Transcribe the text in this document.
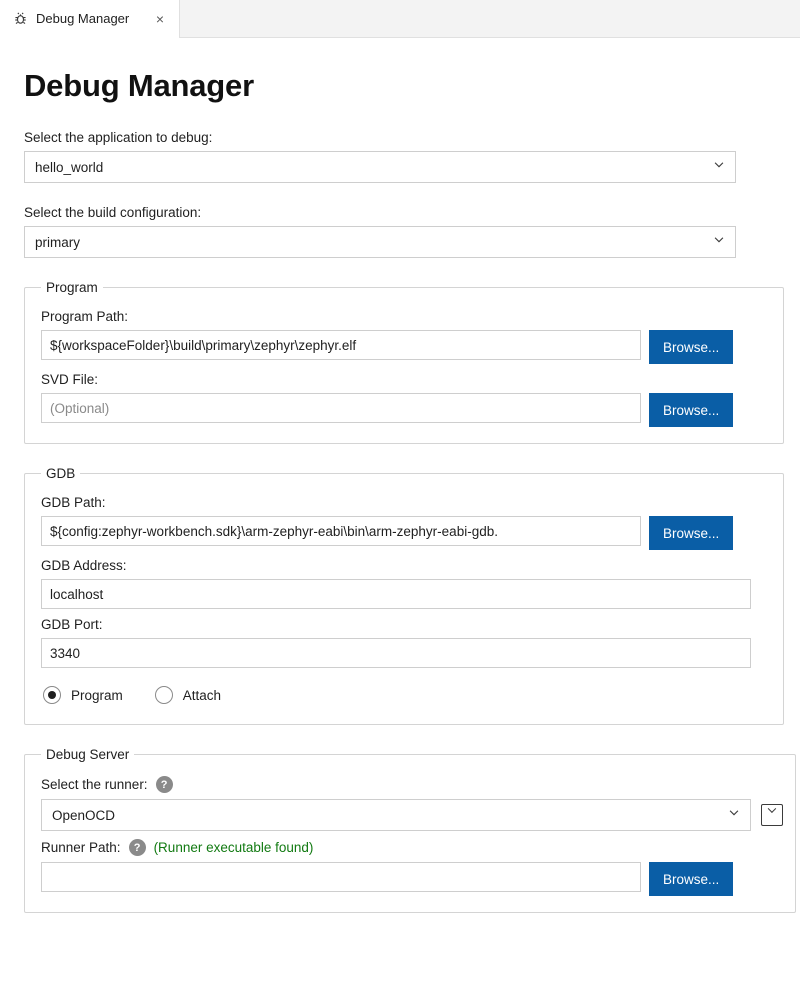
Debug Manager	×
Debug Manager
Select the application to debug:
hello_world
Select the build configuration:
primary
Program
Program Path:
${workspaceFolder}\build\primary\zephyr\zephyr.elf	Browse...
SVD File:
(Optional)	Browse...
GDB
GDB Path:
${config:zephyr-workbench.sdk}\arm-zephyr-eabi\bin\arm-zephyr-eabi-gdb.	Browse...
GDB Address:
localhost
GDB Port:
3340
Program	Attach
Debug Server
Select the runner:	?
OpenOCD
Runner Path:	? (Runner executable found)
Browse...
